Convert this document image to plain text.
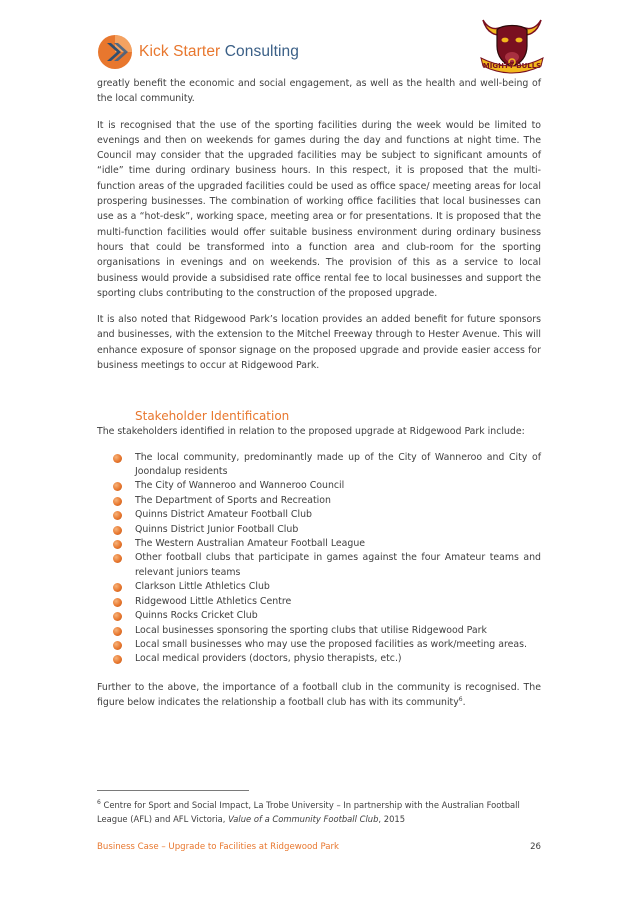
Kick Starter Consulting
MIGHTY BULLS

greatly benefit the economic and social engagement, as well as the health and well-being of the local community.

It is recognised that the use of the sporting facilities during the week would be limited to evenings and then on weekends for games during the day and functions at night time. The Council may consider that the upgraded facilities may be subject to significant amounts of “idle” time during ordinary business hours. In this respect, it is proposed that the multi-function areas of the upgraded facilities could be used as office space/ meeting areas for local prospering businesses. The combination of working office facilities that local businesses can use as a “hot-desk”, working space, meeting area or for presentations. It is proposed that the multi-function facilities would offer suitable business environment during ordinary business hours that could be transformed into a function area and club-room for the sporting organisations in evenings and on weekends. The provision of this as a service to local business would provide a subsidised rate office rental fee to local businesses and support the sporting clubs contributing to the construction of the proposed upgrade.

It is also noted that Ridgewood Park’s location provides an added benefit for future sponsors and businesses, with the extension to the Mitchel Freeway through to Hester Avenue. This will enhance exposure of sponsor signage on the proposed upgrade and provide easier access for business meetings to occur at Ridgewood Park.

Stakeholder Identification

The stakeholders identified in relation to the proposed upgrade at Ridgewood Park include:

The local community, predominantly made up of the City of Wanneroo and City of Joondalup residents
The City of Wanneroo and Wanneroo Council
The Department of Sports and Recreation
Quinns District Amateur Football Club
Quinns District Junior Football Club
The Western Australian Amateur Football League
Other football clubs that participate in games against the four Amateur teams and relevant juniors teams
Clarkson Little Athletics Club
Ridgewood Little Athletics Centre
Quinns Rocks Cricket Club
Local businesses sponsoring the sporting clubs that utilise Ridgewood Park
Local small businesses who may use the proposed facilities as work/meeting areas.
Local medical providers (doctors, physio therapists, etc.)

Further to the above, the importance of a football club in the community is recognised. The figure below indicates the relationship a football club has with its community$^6$.

$^6$ Centre for Sport and Social Impact, La Trobe University – In partnership with the Australian Football League (AFL) and AFL Victoria, Value of a Community Football Club, 2015
Business Case – Upgrade to Facilities at Ridgewood Park	26
